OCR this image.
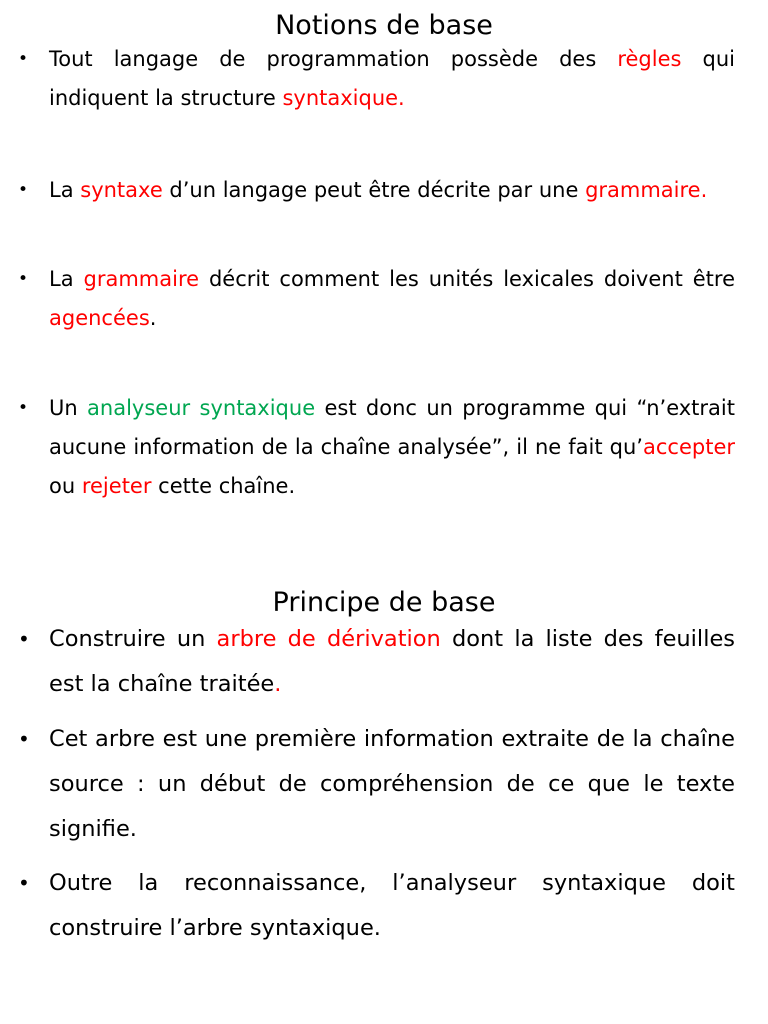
Notions de base
• Tout langage de programmation possède des règles qui indiquent la structure syntaxique.
• La syntaxe d’un langage peut être décrite par une grammaire.
• La grammaire décrit comment les unités lexicales doivent être agencées.
• Un analyseur syntaxique est donc un programme qui “n’extrait aucune information de la chaîne analysée”, il ne fait qu’accepter ou rejeter cette chaîne.
Principe de base
• Construire un arbre de dérivation dont la liste des feuilles est la chaîne traitée.
• Cet arbre est une première information extraite de la chaîne source : un début de compréhension de ce que le texte signifie.
• Outre la reconnaissance, l’analyseur syntaxique doit construire l’arbre syntaxique.
